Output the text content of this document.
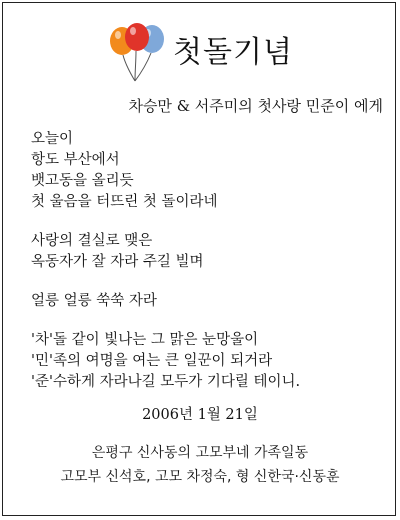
첫돌기념
차승만 & 서주미의 첫사랑 민준이 에게
오늘이
항도 부산에서
뱃고동을 올리듯
첫 울음을 터뜨린 첫 돌이라네
사랑의 결실로 맺은
옥동자가 잘 자라 주길 빌며
얼릉 얼릉 쑥쑥 자라
'차'돌 같이 빛나는 그 맑은 눈망울이
'민'족의 여명을 여는 큰 일꾼이 되거라
'준'수하게 자라나길 모두가 기다릴 테이니.
2006년 1월 21일
은평구 신사동의 고모부네 가족일동
고모부 신석호, 고모 차정숙, 형 신한국·신동훈
